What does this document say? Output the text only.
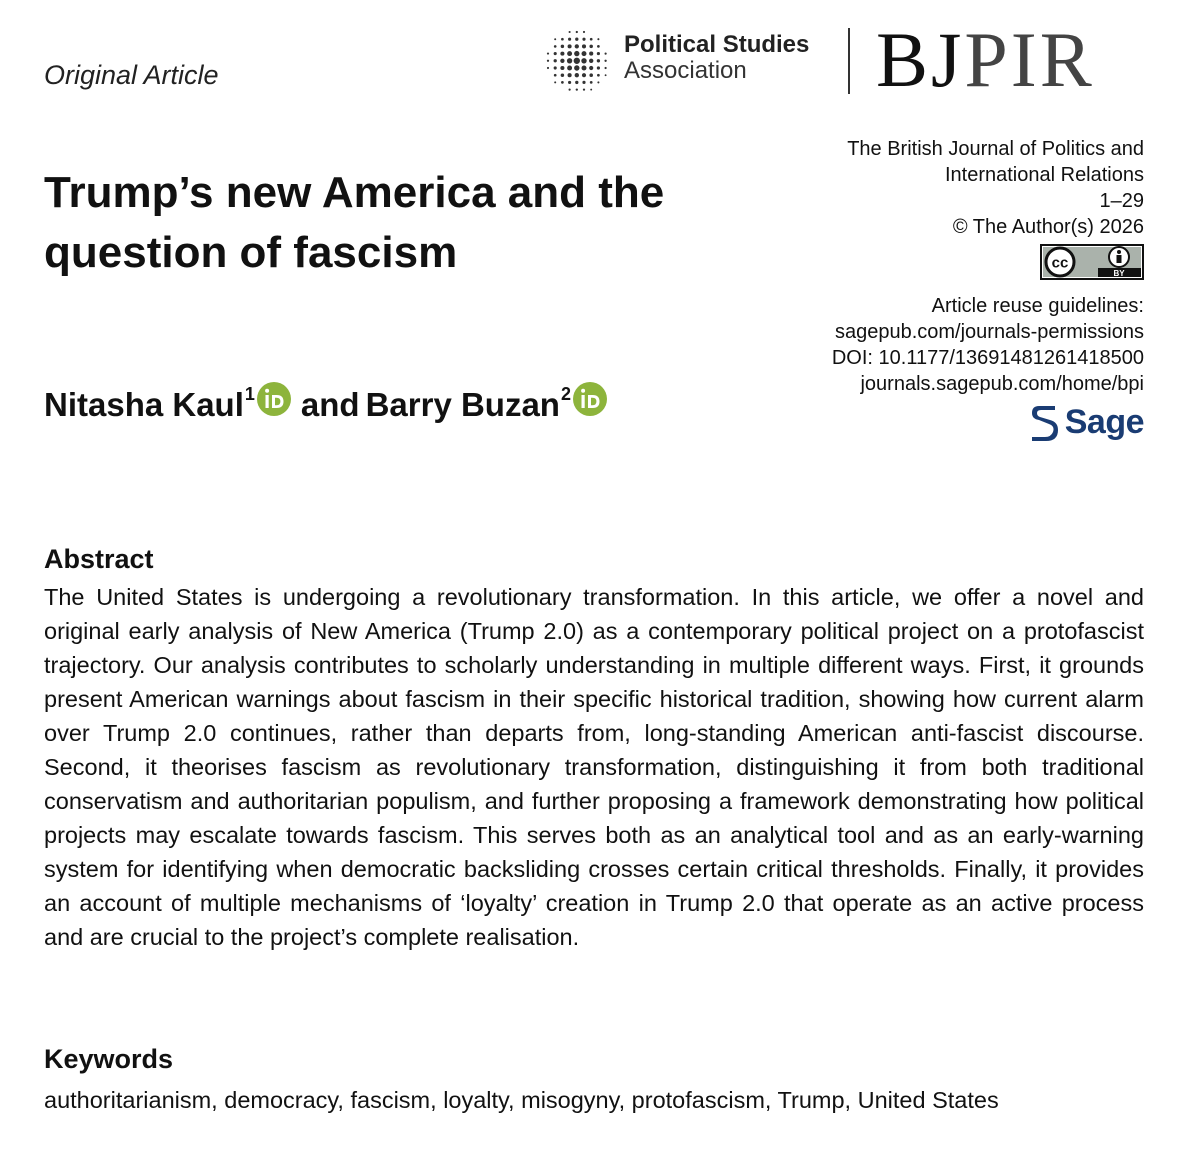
Original Article
Political Studies
Association	BJPIR
Trump’s new America and the question of fascism
The British Journal of Politics and
International Relations
1–29
© The Author(s) 2026
cc
BY
Article reuse guidelines:
sagepub.com/journals-permissions
DOI: 10.1177/13691481261418500
journals.sagepub.com/home/bpi
Sage
Nitasha Kaul 1 and Barry Buzan 2
Abstract

The United States is undergoing a revolutionary transformation. In this article, we offer a novel and original early analysis of New America (Trump 2.0) as a contemporary political project on a protofascist trajectory. Our analysis contributes to scholarly understanding in multiple different ways. First, it grounds present American warnings about fascism in their specific historical tradition, showing how current alarm over Trump 2.0 continues, rather than departs from, long-standing American anti-fascist discourse. Second, it theorises fascism as revolutionary transformation, distinguishing it from both traditional conservatism and authoritarian populism, and further proposing a framework demonstrating how political projects may escalate towards fascism. This serves both as an analytical tool and as an early-warning system for identifying when democratic backsliding crosses certain critical thresholds. Finally, it provides an account of multiple mechanisms of ‘loyalty’ creation in Trump 2.0 that operate as an active process and are crucial to the project’s complete realisation.

Keywords
authoritarianism, democracy, fascism, loyalty, misogyny, protofascism, Trump, United States
